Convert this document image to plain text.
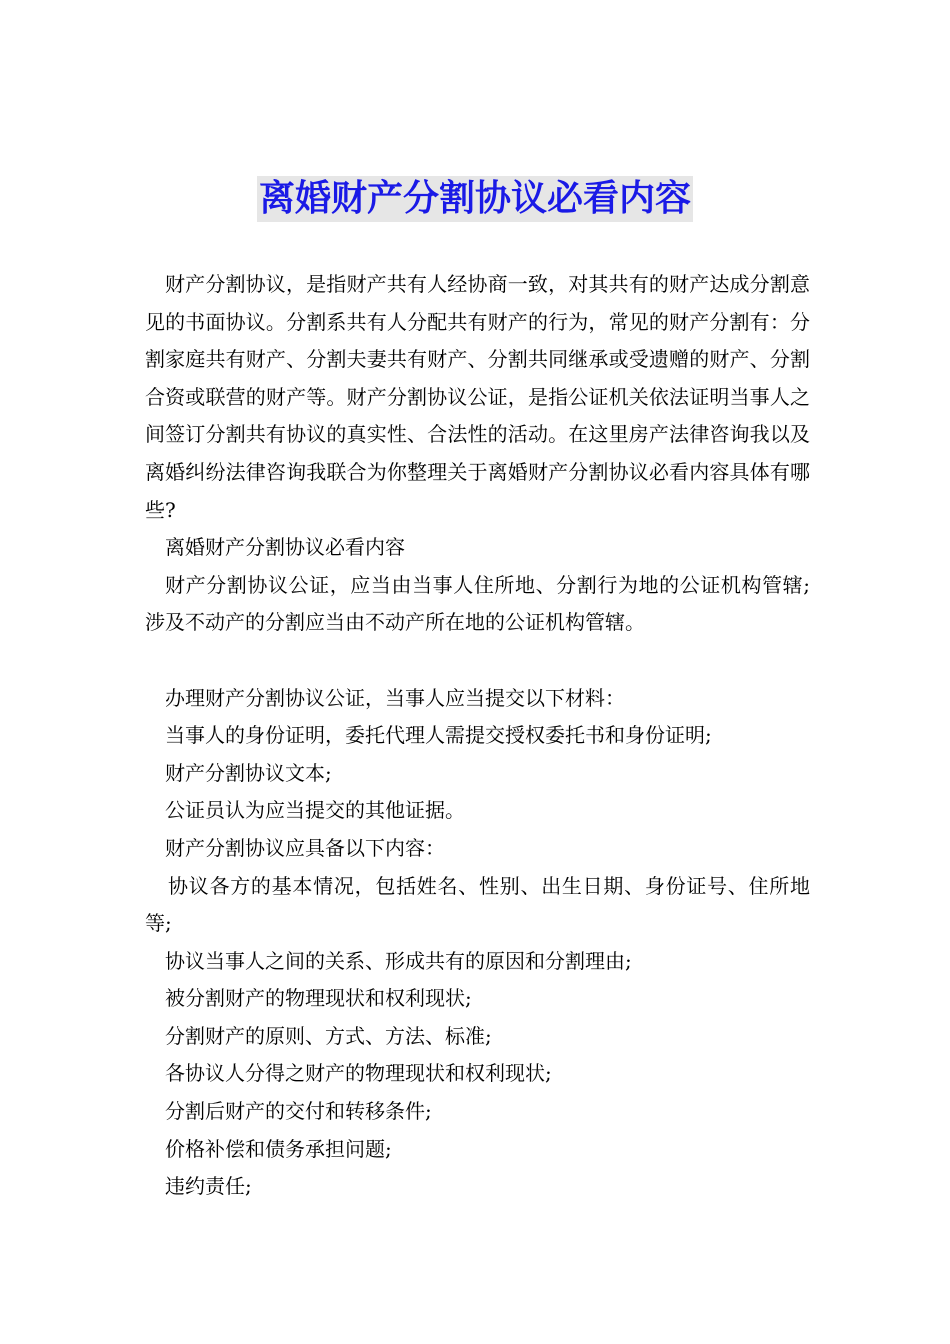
离婚财产分割协议必看内容

财产分割协议，是指财产共有人经协商一致，对其共有的财产达成分割意见的书面协议。分割系共有人分配共有财产的行为，常见的财产分割有：分割家庭共有财产、分割夫妻共有财产、分割共同继承或受遗赠的财产、分割合资或联营的财产等。财产分割协议公证，是指公证机关依法证明当事人之间签订分割共有协议的真实性、合法性的活动。在这里房产法律咨询我以及离婚纠纷法律咨询我联合为你整理关于离婚财产分割协议必看内容具体有哪些?

离婚财产分割协议必看内容

财产分割协议公证，应当由当事人住所地、分割行为地的公证机构管辖;涉及不动产的分割应当由不动产所在地的公证机构管辖。

办理财产分割协议公证，当事人应当提交以下材料：

当事人的身份证明，委托代理人需提交授权委托书和身份证明;

财产分割协议文本;

公证员认为应当提交的其他证据。

财产分割协议应具备以下内容：

协议各方的基本情况，包括姓名、性别、出生日期、身份证号、住所地等;

协议当事人之间的关系、形成共有的原因和分割理由;

被分割财产的物理现状和权利现状;

分割财产的原则、方式、方法、标准;

各协议人分得之财产的物理现状和权利现状;

分割后财产的交付和转移条件;

价格补偿和债务承担问题;

违约责任;
